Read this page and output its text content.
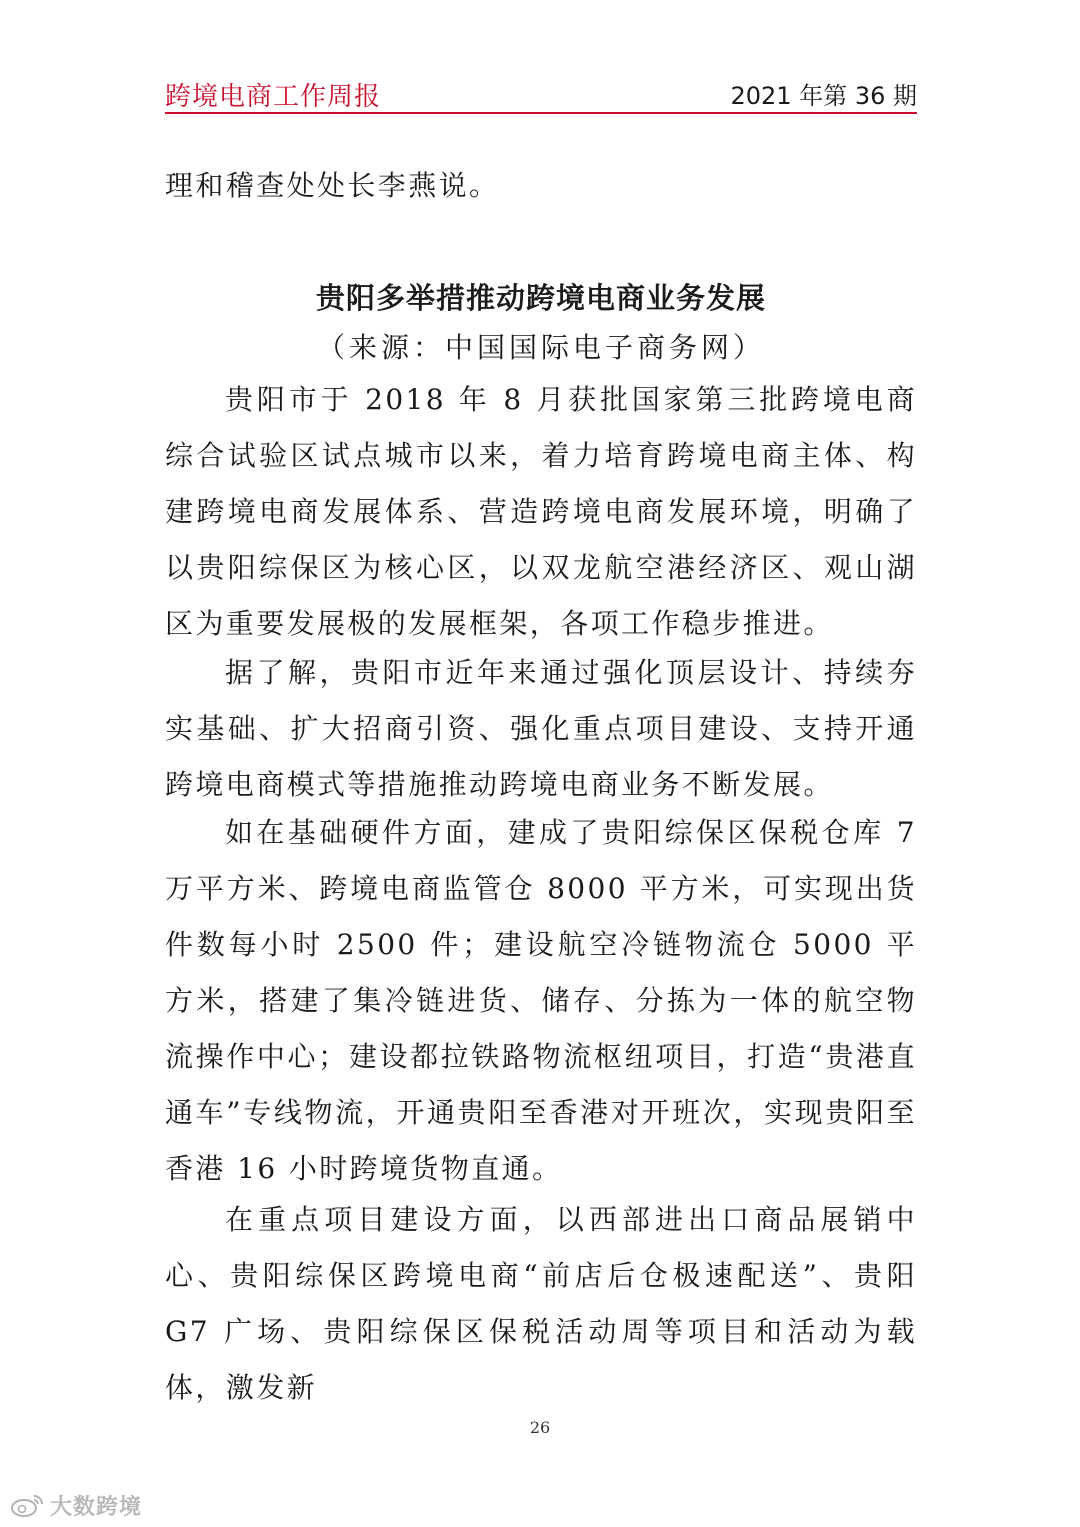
跨境电商工作周报	2021 年第 36 期

理和稽查处处长李燕说。

贵阳多举措推动跨境电商业务发展
（来源：中国国际电子商务网）

贵阳市于 2018 年 8 月获批国家第三批跨境电商综合试验区试点城市以来，着力培育跨境电商主体、构建跨境电商发展体系、营造跨境电商发展环境，明确了以贵阳综保区为核心区，以双龙航空港经济区、观山湖区为重要发展极的发展框架，各项工作稳步推进。

据了解，贵阳市近年来通过强化顶层设计、持续夯实基础、扩大招商引资、强化重点项目建设、支持开通跨境电商模式等措施推动跨境电商业务不断发展。

如在基础硬件方面，建成了贵阳综保区保税仓库 7 万平方米、跨境电商监管仓 8000 平方米，可实现出货件数每小时 2500 件；建设航空冷链物流仓 5000 平方米，搭建了集冷链进货、储存、分拣为一体的航空物流操作中心；建设都拉铁路物流枢纽项目，打造“贵港直通车”专线物流，开通贵阳至香港对开班次，实现贵阳至香港 16 小时跨境货物直通。

在重点项目建设方面，以西部进出口商品展销中心、贵阳综保区跨境电商“前店后仓极速配送”、贵阳 G7 广场、贵阳综保区保税活动周等项目和活动为载体，激发新

26
大数跨境
